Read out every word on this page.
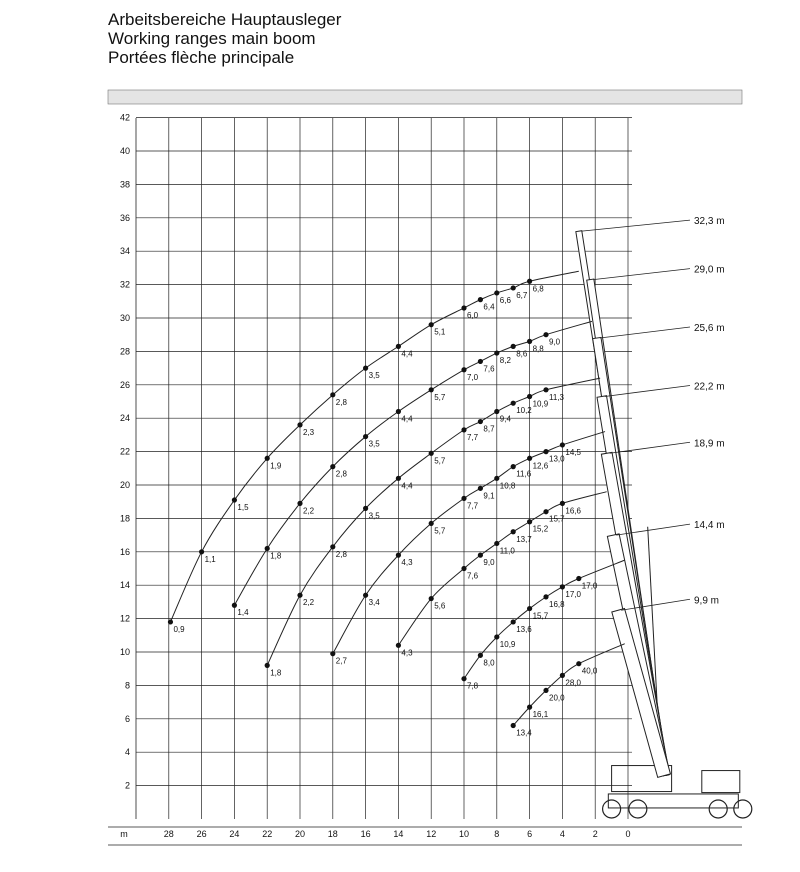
Arbeitsbereiche Hauptausleger
Working ranges main boom
Portées flèche principale
2
4
6
8
10
12
14
16
18
20
22
24
26
28
30
32
34
36
38
40
42
28	26	24	22	20	18	16	14	12	10	8	6	4	2	0
m
0,9
1,1
1,5
1,9
2,3
2,8
3,5
4,4
5,1
6,0
6,4
6,6
6,7
6,8
1,4
1,8
2,2
2,8
3,5
4,4
5,7
7,0
7,6
8,2
8,6
8,8
9,0
1,8
2,2
2,8
3,5
4,4
5,7
7,7
8,7
9,4
10,2
10,9
11,3
2,7
3,4
4,3
5,7
7,7
9,1
10,8
11,6
12,6
13,0
14,5
4,3
5,6
7,6
9,0
11,0
13,7
15,2
15,7
16,6
7,8
8,0
10,9
13,6
15,7
16,8
17,0
17,0
13,4
16,1
20,0
28,0
40,0
32,3 m
29,0 m
25,6 m
22,2 m
18,9 m
14,4 m
9,9 m
